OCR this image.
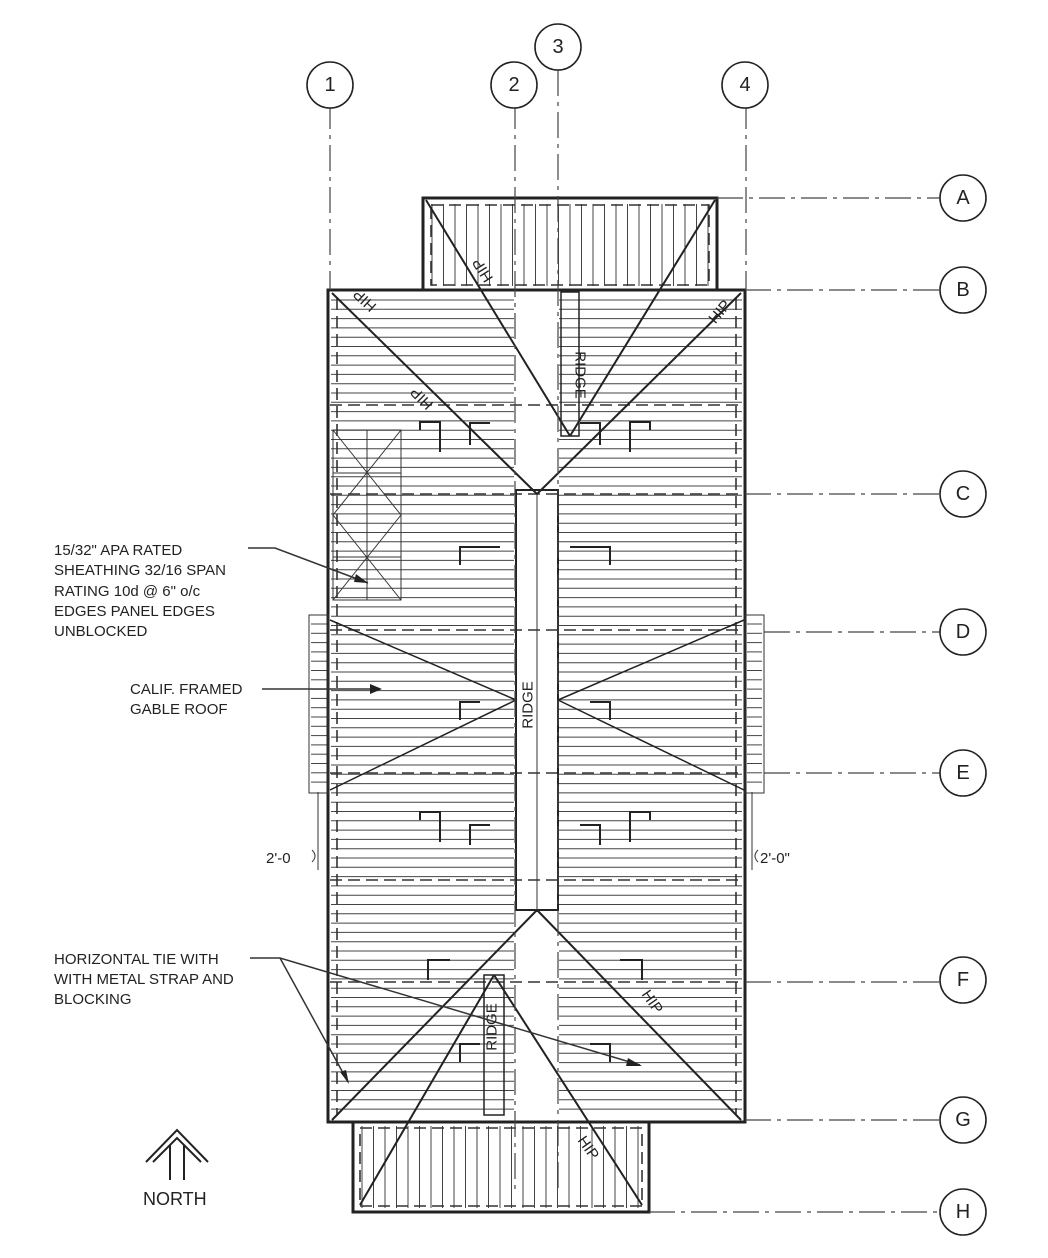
1	2
3
4
A
B
C
D
E
F
G
H
HIP
HIP	HIP
HIP	RIDGE
RIDGE
RIDGE
HIP
HIP
15/32" APA RATED
SHEATHING 32/16 SPAN
RATING 10d @ 6" o/c
EDGES PANEL EDGES
UNBLOCKED
CALIF. FRAMED
GABLE ROOF
HORIZONTAL TIE WITH
WITH METAL STRAP AND
BLOCKING
2'-0	2'-0"
NORTH
